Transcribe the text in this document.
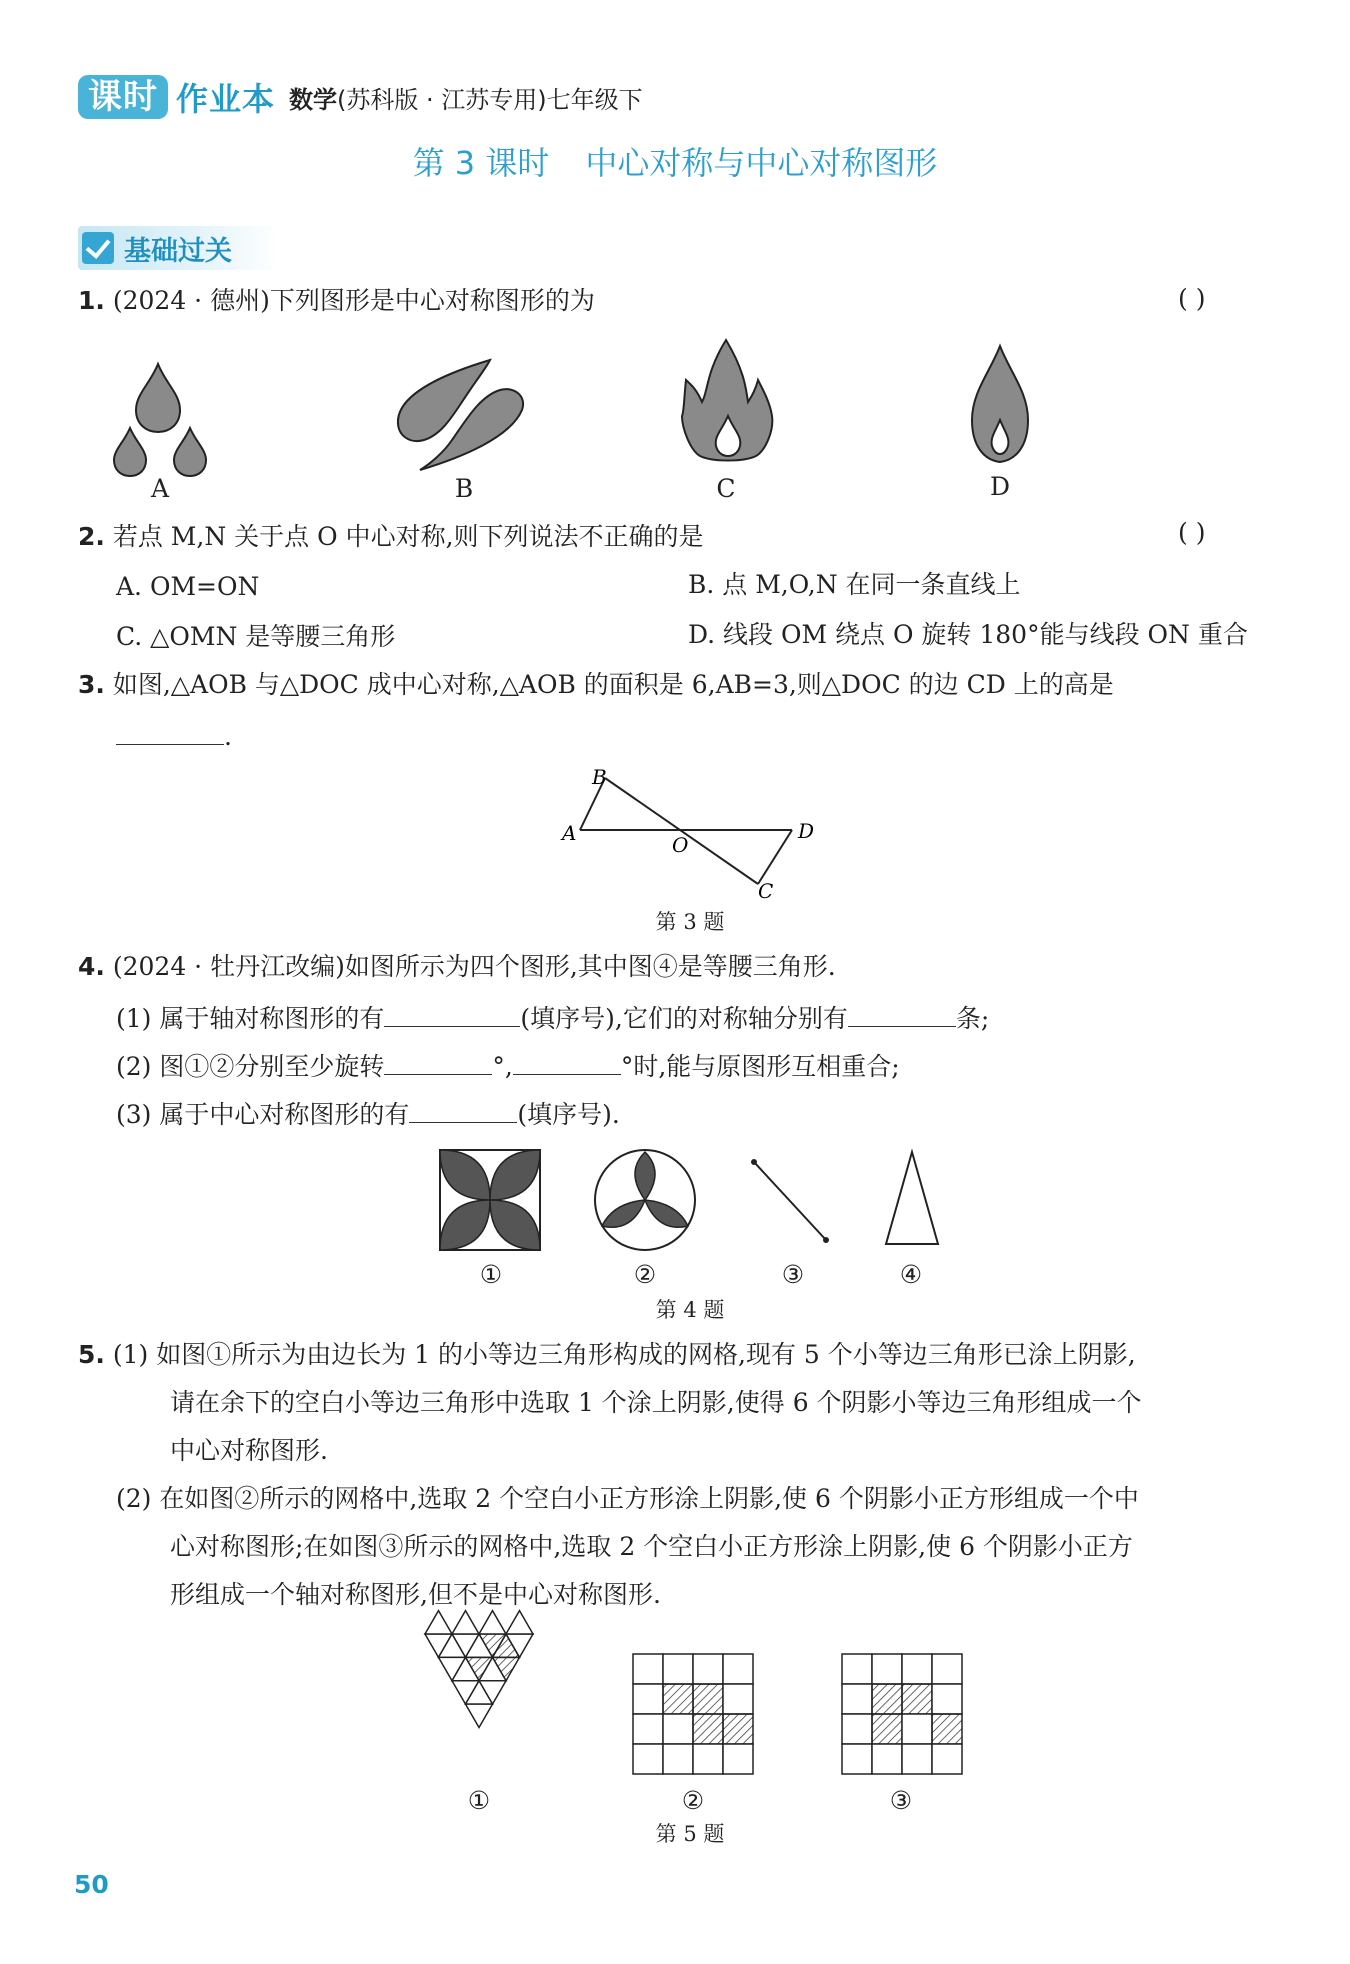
课时 作业本 数学(苏科版 · 江苏专用)七年级下
第 3 课时 中心对称与中心对称图形
基础过关
1. (2024 · 德州)下列图形是中心对称图形的为	( )
A	B	C	D
2. 若点 M,N 关于点 O 中心对称,则下列说法不正确的是	( )
A. OM=ON	B. 点 M,O,N 在同一条直线上
C. △OMN 是等腰三角形	D. 线段 OM 绕点 O 旋转 180°能与线段 ON 重合
3. 如图,△AOB 与△DOC 成中心对称,△AOB 的面积是 6,AB=3,则△DOC 的边 CD 上的高是
.
B
A	O
D
C
第 3 题
4. (2024 · 牡丹江改编)如图所示为四个图形,其中图④是等腰三角形.
(1) 属于轴对称图形的有	(填序号),它们的对称轴分别有	条;
(2) 图①②分别至少旋转	°,	°时,能与原图形互相重合;
(3) 属于中心对称图形的有	(填序号).
①	②	③	④
第 4 题
5. (1) 如图①所示为由边长为 1 的小等边三角形构成的网格,现有 5 个小等边三角形已涂上阴影,
请在余下的空白小等边三角形中选取 1 个涂上阴影,使得 6 个阴影小等边三角形组成一个
中心对称图形.
(2) 在如图②所示的网格中,选取 2 个空白小正方形涂上阴影,使 6 个阴影小正方形组成一个中
心对称图形;在如图③所示的网格中,选取 2 个空白小正方形涂上阴影,使 6 个阴影小正方
形组成一个轴对称图形,但不是中心对称图形.
①	②	③
第 5 题
50
